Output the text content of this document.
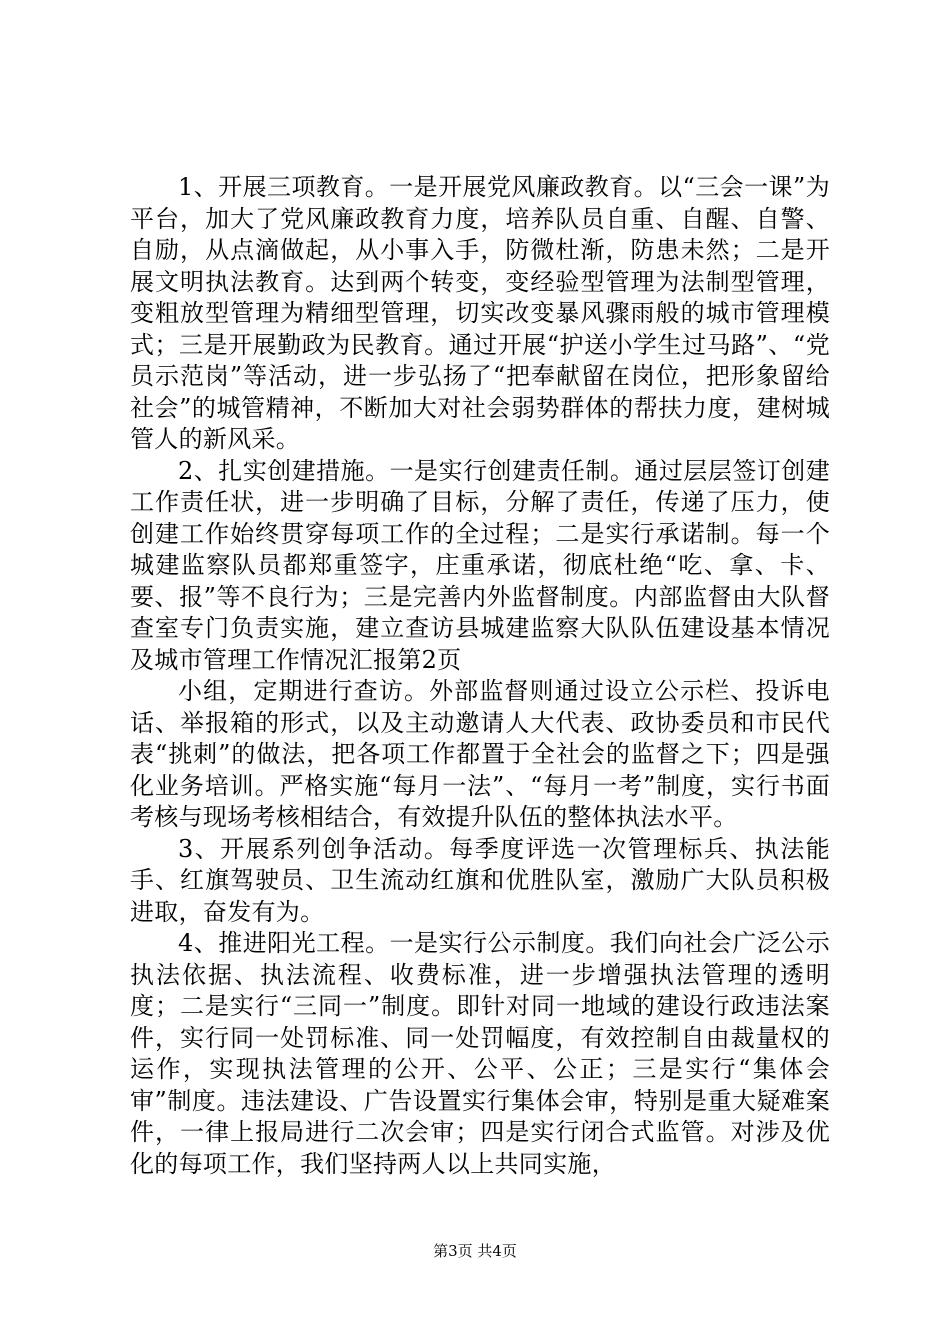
1、开展三项教育。一是开展党风廉政教育。以“三会一课”为平台，加大了党风廉政教育力度，培养队员自重、自醒、自警、自励，从点滴做起，从小事入手，防微杜渐，防患未然；二是开展文明执法教育。达到两个转变，变经验型管理为法制型管理，变粗放型管理为精细型管理，切实改变暴风骤雨般的城市管理模式；三是开展勤政为民教育。通过开展“护送小学生过马路”、“党员示范岗”等活动，进一步弘扬了“把奉献留在岗位，把形象留给社会”的城管精神，不断加大对社会弱势群体的帮扶力度，建树城管人的新风采。

2、扎实创建措施。一是实行创建责任制。通过层层签订创建工作责任状，进一步明确了目标，分解了责任，传递了压力，使创建工作始终贯穿每项工作的全过程；二是实行承诺制。每一个城建监察队员都郑重签字，庄重承诺，彻底杜绝“吃、拿、卡、要、报”等不良行为；三是完善内外监督制度。内部监督由大队督查室专门负责实施，建立查访县城建监察大队队伍建设基本情况及城市管理工作情况汇报第2页

小组，定期进行查访。外部监督则通过设立公示栏、投诉电话、举报箱的形式，以及主动邀请人大代表、政协委员和市民代表“挑刺”的做法，把各项工作都置于全社会的监督之下；四是强化业务培训。严格实施“每月一法”、“每月一考”制度，实行书面考核与现场考核相结合，有效提升队伍的整体执法水平。

3、开展系列创争活动。每季度评选一次管理标兵、执法能手、红旗驾驶员、卫生流动红旗和优胜队室，激励广大队员积极进取，奋发有为。

4、推进阳光工程。一是实行公示制度。我们向社会广泛公示执法依据、执法流程、收费标准，进一步增强执法管理的透明度；二是实行“三同一”制度。即针对同一地域的建设行政违法案件，实行同一处罚标准、同一处罚幅度，有效控制自由裁量权的运作，实现执法管理的公开、公平、公正；三是实行“集体会审”制度。违法建设、广告设置实行集体会审，特别是重大疑难案件，一律上报局进行二次会审；四是实行闭合式监管。对涉及优化的每项工作，我们坚持两人以上共同实施，

第3页 共4页
